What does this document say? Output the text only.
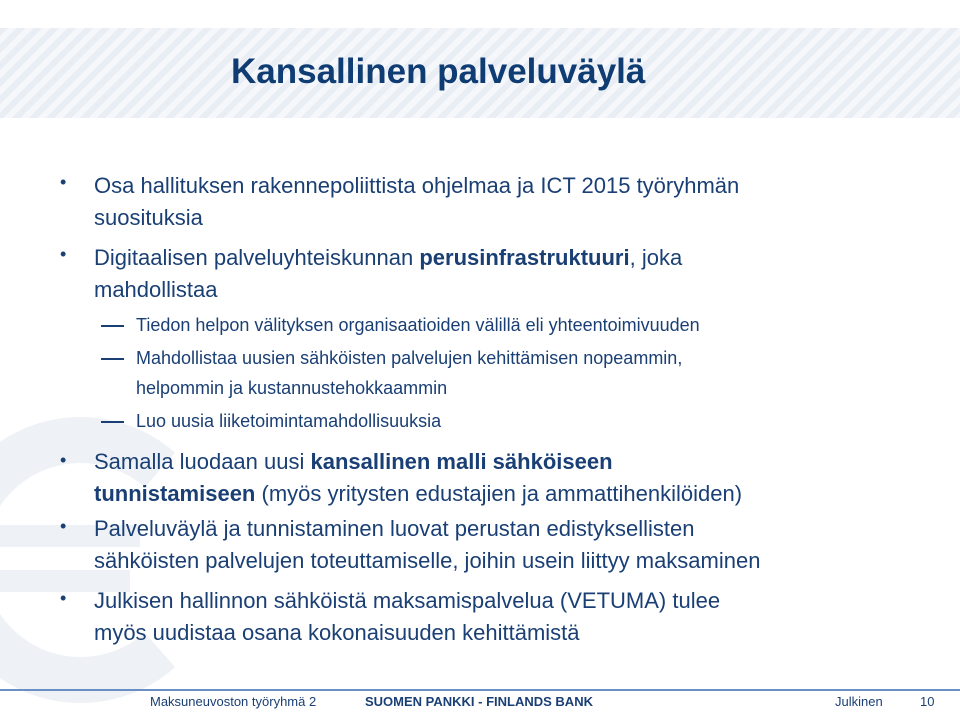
Kansallinen palveluväylä
• Osa hallituksen rakennepoliittista ohjelmaa ja ICT 2015 työryhmän
suosituksia
• Digitaalisen palveluyhteiskunnan perusinfrastruktuuri, joka
mahdollistaa
Tiedon helpon välityksen organisaatioiden välillä eli yhteentoimivuuden
Mahdollistaa uusien sähköisten palvelujen kehittämisen nopeammin,
helpommin ja kustannustehokkaammin
Luo uusia liiketoimintamahdollisuuksia
• Samalla luodaan uusi kansallinen malli sähköiseen
tunnistamiseen (myös yritysten edustajien ja ammattihenkilöiden)
• Palveluväylä ja tunnistaminen luovat perustan edistyksellisten
sähköisten palvelujen toteuttamiselle, joihin usein liittyy maksaminen
• Julkisen hallinnon sähköistä maksamispalvelua (VETUMA) tulee
myös uudistaa osana kokonaisuuden kehittämistä
Maksuneuvoston työryhmä 2	SUOMEN PANKKI - FINLANDS BANK	Julkinen	10
